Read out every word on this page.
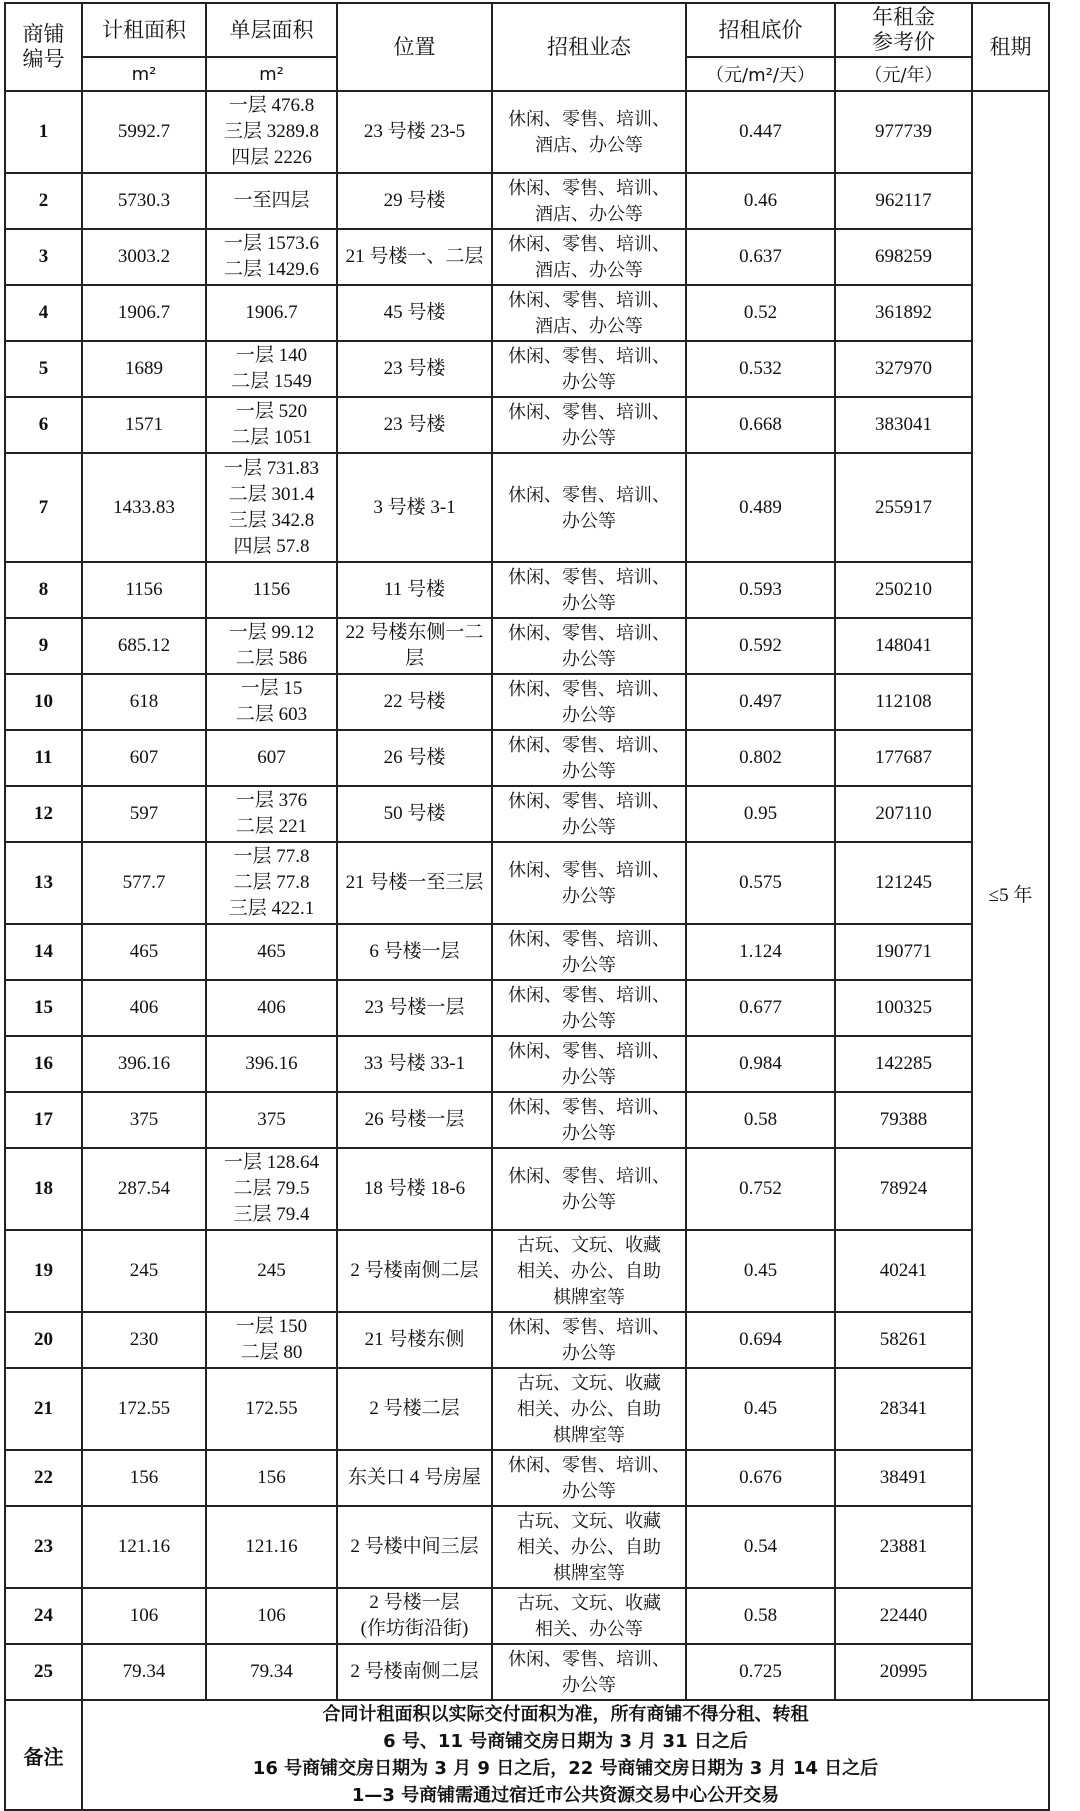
商铺
编号	计租面积	单层面积	位置	招租业态	招租底价	年租金
参考价	租期
	m²	m²			（元/m²/天）	（元/年）	
1	5992.7	一层 476.8
三层 3289.8
四层 2226	23 号楼 23-5	休闲、零售、培训、
酒店、办公等	0.447	977739	≤5 年
2	5730.3	一至四层	29 号楼	休闲、零售、培训、
酒店、办公等	0.46	962117	
3	3003.2	一层 1573.6
二层 1429.6	21 号楼一、二层	休闲、零售、培训、
酒店、办公等	0.637	698259	
4	1906.7	1906.7	45 号楼	休闲、零售、培训、
酒店、办公等	0.52	361892	
5	1689	一层 140
二层 1549	23 号楼	休闲、零售、培训、
办公等	0.532	327970	
6	1571	一层 520
二层 1051	23 号楼	休闲、零售、培训、
办公等	0.668	383041	
7	1433.83	一层 731.83
二层 301.4
三层 342.8
四层 57.8	3 号楼 3-1	休闲、零售、培训、
办公等	0.489	255917	
8	1156	1156	11 号楼	休闲、零售、培训、
办公等	0.593	250210	
9	685.12	一层 99.12
二层 586	22 号楼东侧一二
层	休闲、零售、培训、
办公等	0.592	148041	
10	618	一层 15
二层 603	22 号楼	休闲、零售、培训、
办公等	0.497	112108	
11	607	607	26 号楼	休闲、零售、培训、
办公等	0.802	177687	
12	597	一层 376
二层 221	50 号楼	休闲、零售、培训、
办公等	0.95	207110	
13	577.7	一层 77.8
二层 77.8
三层 422.1	21 号楼一至三层	休闲、零售、培训、
办公等	0.575	121245	
14	465	465	6 号楼一层	休闲、零售、培训、
办公等	1.124	190771	
15	406	406	23 号楼一层	休闲、零售、培训、
办公等	0.677	100325	
16	396.16	396.16	33 号楼 33-1	休闲、零售、培训、
办公等	0.984	142285	
17	375	375	26 号楼一层	休闲、零售、培训、
办公等	0.58	79388	
18	287.54	一层 128.64
二层 79.5
三层 79.4	18 号楼 18-6	休闲、零售、培训、
办公等	0.752	78924	
19	245	245	2 号楼南侧二层	古玩、文玩、收藏
相关、办公、自助
棋牌室等	0.45	40241	
20	230	一层 150
二层 80	21 号楼东侧	休闲、零售、培训、
办公等	0.694	58261	
21	172.55	172.55	2 号楼二层	古玩、文玩、收藏
相关、办公、自助
棋牌室等	0.45	28341	
22	156	156	东关口 4 号房屋	休闲、零售、培训、
办公等	0.676	38491	
23	121.16	121.16	2 号楼中间三层	古玩、文玩、收藏
相关、办公、自助
棋牌室等	0.54	23881	
24	106	106	2 号楼一层
(作坊街沿街)	古玩、文玩、收藏
相关、办公等	0.58	22440	
25	79.34	79.34	2 号楼南侧二层	休闲、零售、培训、
办公等	0.725	20995	
备注	合同计租面积以实际交付面积为准，所有商铺不得分租、转租
6 号、11 号商铺交房日期为 3 月 31 日之后
16 号商铺交房日期为 3 月 9 日之后，22 号商铺交房日期为 3 月 14 日之后
1—3 号商铺需通过宿迁市公共资源交易中心公开交易						
